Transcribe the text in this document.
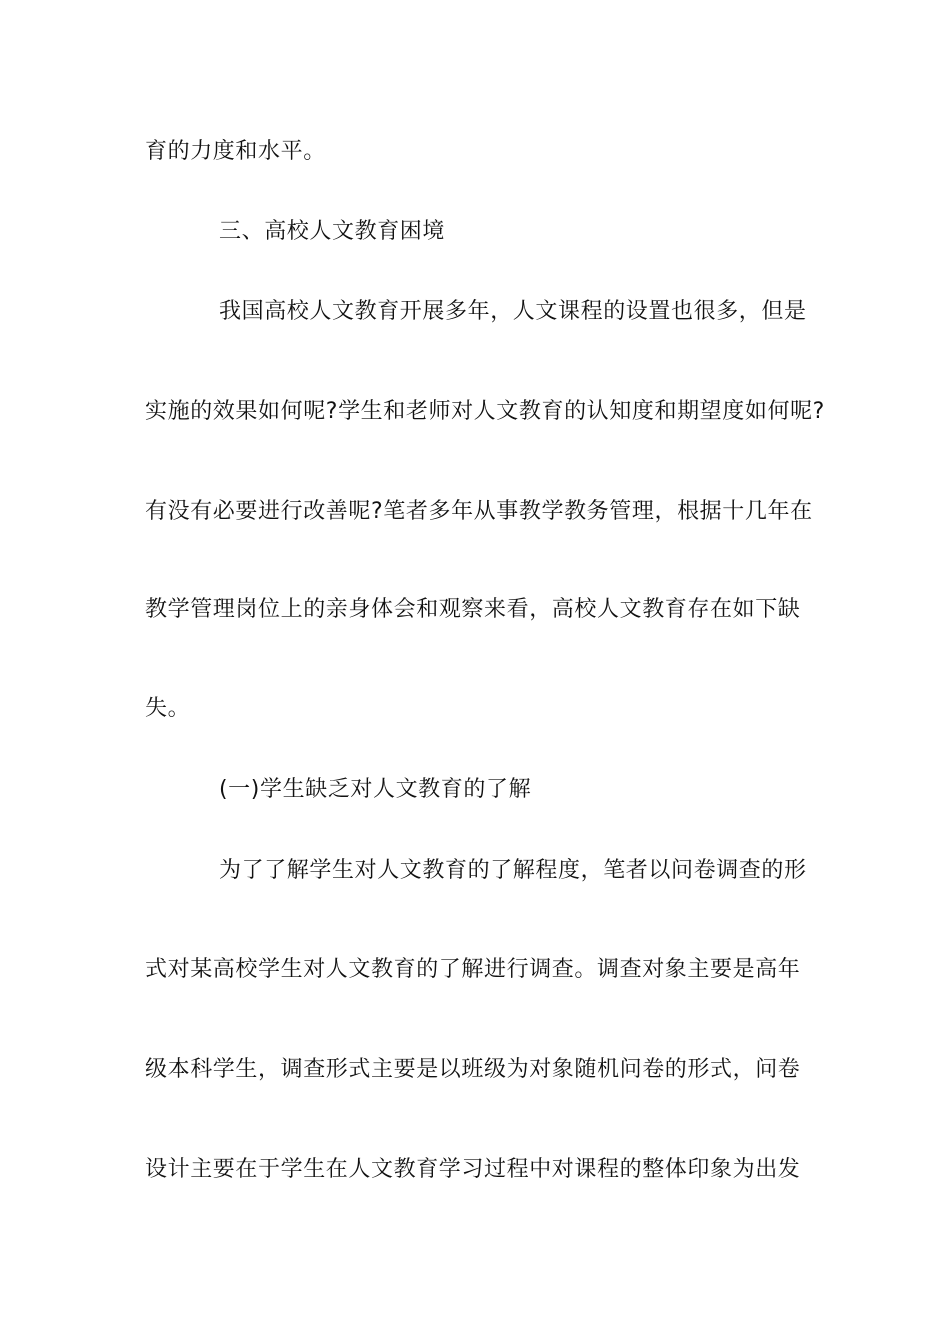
育的力度和水平。
三、高校人文教育困境
我国高校人文教育开展多年，人文课程的设置也很多，但是
实施的效果如何呢?学生和老师对人文教育的认知度和期望度如何呢?
有没有必要进行改善呢?笔者多年从事教学教务管理，根据十几年在
教学管理岗位上的亲身体会和观察来看，高校人文教育存在如下缺
失。
(一)学生缺乏对人文教育的了解
为了了解学生对人文教育的了解程度，笔者以问卷调查的形
式对某高校学生对人文教育的了解进行调查。调查对象主要是高年
级本科学生，调查形式主要是以班级为对象随机问卷的形式，问卷
设计主要在于学生在人文教育学习过程中对课程的整体印象为出发
